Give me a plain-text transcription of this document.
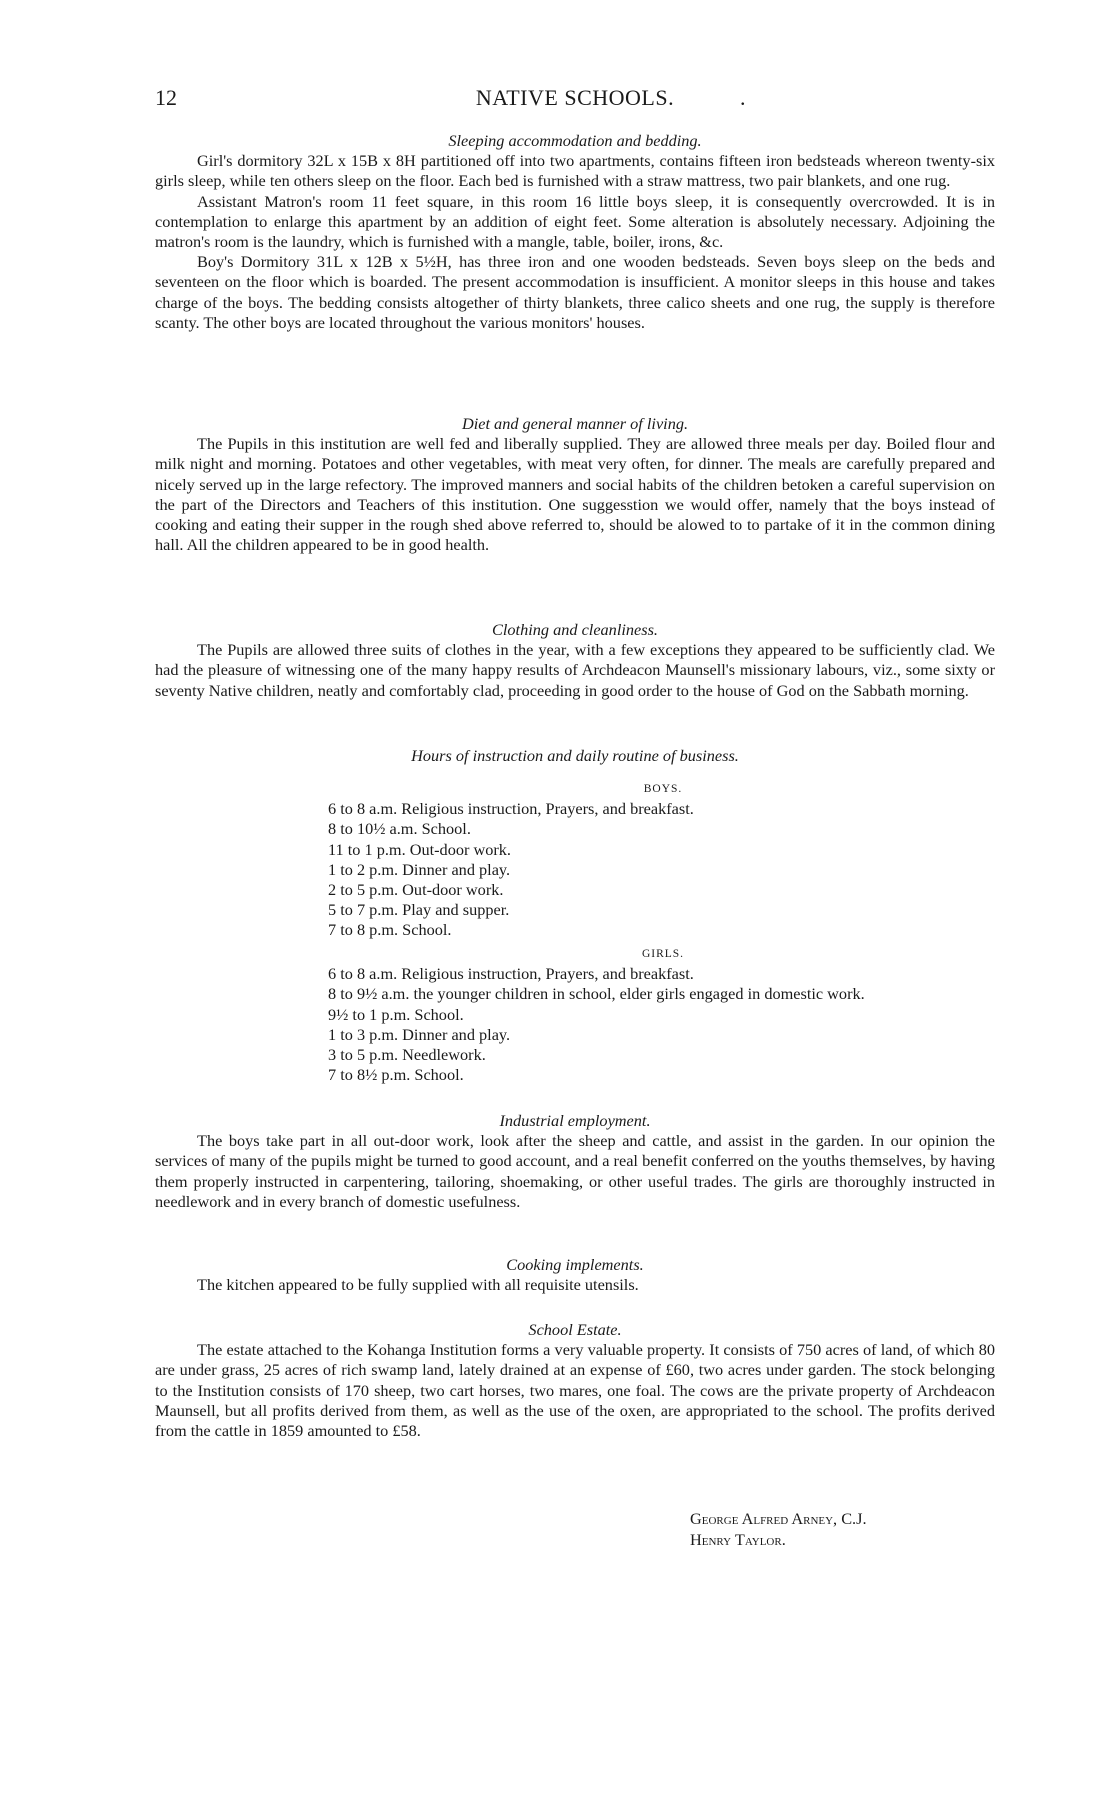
12	NATIVE SCHOOLS.	.

Sleeping accommodation and bedding.

Girl's dormitory 32L x 15B x 8H partitioned off into two apartments, contains fifteen iron bedsteads whereon twenty-six girls sleep, while ten others sleep on the floor. Each bed is furnished with a straw mattress, two pair blankets, and one rug.

Assistant Matron's room 11 feet square, in this room 16 little boys sleep, it is consequently overcrowded. It is in contemplation to enlarge this apartment by an addition of eight feet. Some alteration is absolutely necessary. Adjoining the matron's room is the laundry, which is furnished with a mangle, table, boiler, irons, &c.

Boy's Dormitory 31L x 12B x 5½H, has three iron and one wooden bedsteads. Seven boys sleep on the beds and seventeen on the floor which is boarded. The present accommodation is insufficient. A monitor sleeps in this house and takes charge of the boys. The bedding consists altogether of thirty blankets, three calico sheets and one rug, the supply is therefore scanty. The other boys are located throughout the various monitors' houses.

Diet and general manner of living.

The Pupils in this institution are well fed and liberally supplied. They are allowed three meals per day. Boiled flour and milk night and morning. Potatoes and other vegetables, with meat very often, for dinner. The meals are carefully prepared and nicely served up in the large refectory. The improved manners and social habits of the children betoken a careful supervision on the part of the Directors and Teachers of this institution. One suggesstion we would offer, namely that the boys instead of cooking and eating their supper in the rough shed above referred to, should be alowed to to partake of it in the common dining hall. All the children appeared to be in good health.

Clothing and cleanliness.

The Pupils are allowed three suits of clothes in the year, with a few exceptions they appeared to be sufficiently clad. We had the pleasure of witnessing one of the many happy results of Archdeacon Maunsell's missionary labours, viz., some sixty or seventy Native children, neatly and comfortably clad, proceeding in good order to the house of God on the Sabbath morning.

Hours of instruction and daily routine of business.

BOYS.

6 to 8 a.m. Religious instruction, Prayers, and breakfast.

8 to 10½ a.m. School.

11 to 1 p.m. Out-door work.

1 to 2 p.m. Dinner and play.

2 to 5 p.m. Out-door work.

5 to 7 p.m. Play and supper.

7 to 8 p.m. School.

GIRLS.

6 to 8 a.m. Religious instruction, Prayers, and breakfast.

8 to 9½ a.m. the younger children in school, elder girls engaged in domestic work.

9½ to 1 p.m. School.

1 to 3 p.m. Dinner and play.

3 to 5 p.m. Needlework.

7 to 8½ p.m. School.

Industrial employment.

The boys take part in all out-door work, look after the sheep and cattle, and assist in the garden. In our opinion the services of many of the pupils might be turned to good account, and a real benefit conferred on the youths themselves, by having them properly instructed in carpentering, tailoring, shoemaking, or other useful trades. The girls are thoroughly instructed in needlework and in every branch of domestic usefulness.

Cooking implements.

The kitchen appeared to be fully supplied with all requisite utensils.

School Estate.

The estate attached to the Kohanga Institution forms a very valuable property. It consists of 750 acres of land, of which 80 are under grass, 25 acres of rich swamp land, lately drained at an expense of £60, two acres under garden. The stock belonging to the Institution consists of 170 sheep, two cart horses, two mares, one foal. The cows are the private property of Archdeacon Maunsell, but all profits derived from them, as well as the use of the oxen, are appropriated to the school. The profits derived from the cattle in 1859 amounted to £58.

George Alfred Arney, C.J.
Henry Taylor.
